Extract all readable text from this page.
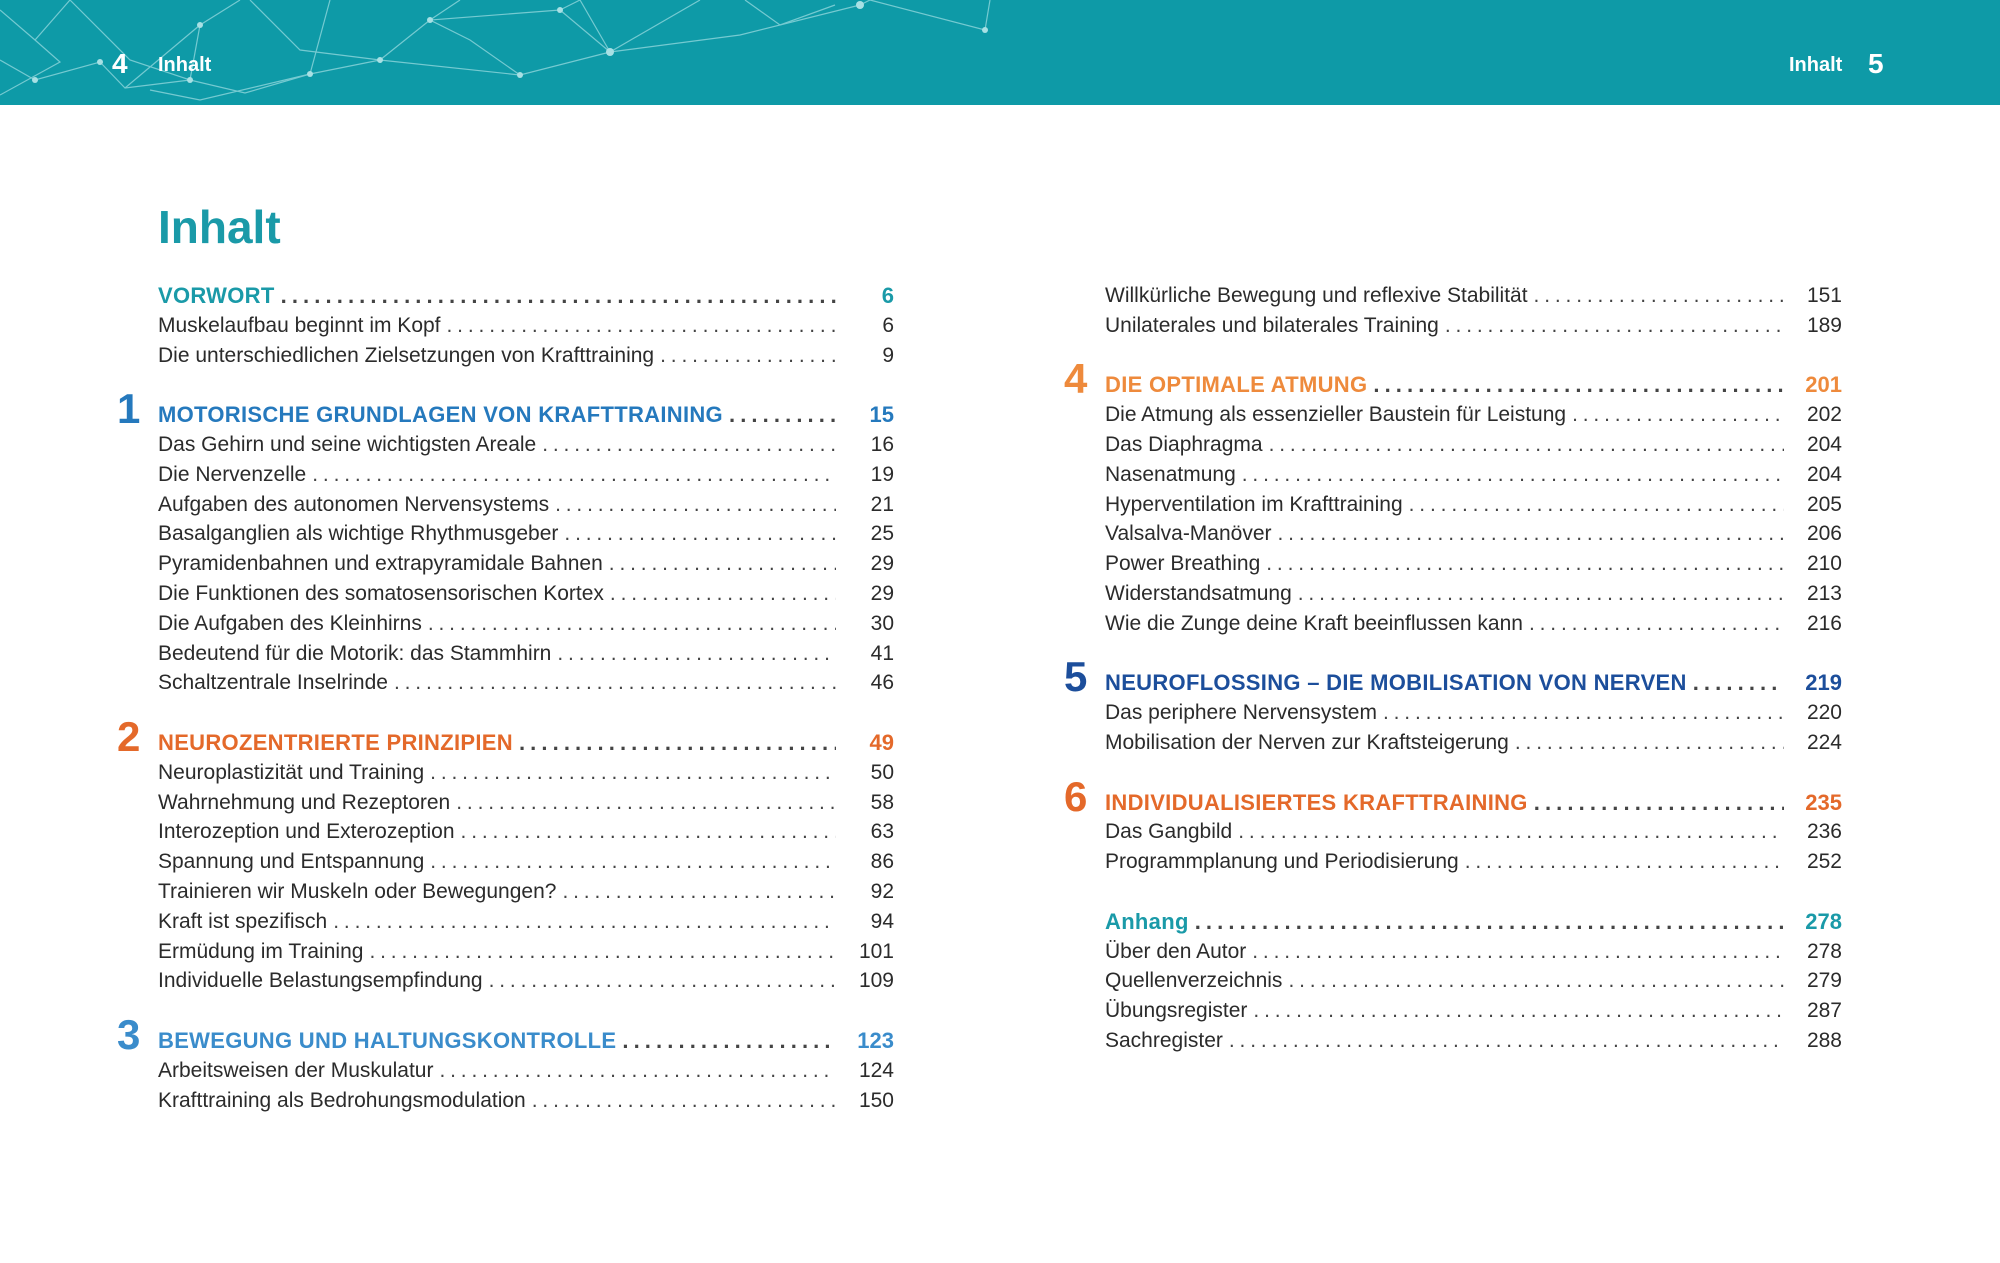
4 Inhalt	Inhalt 5
Inhalt
VORWORT . . .	6
Muskelaufbau beginnt im Kopf . . .	6
Die unterschiedlichen Zielsetzungen von Krafttraining . . .	9
1 MOTORISCHE GRUNDLAGEN VON KRAFTTRAINING . . .	15
Das Gehirn und seine wichtigsten Areale . . .	16
Die Nervenzelle . . .	19
Aufgaben des autonomen Nervensystems . . .	21
Basalganglien als wichtige Rhythmusgeber . . .	25
Pyramidenbahnen und extrapyramidale Bahnen . . .	29
Die Funktionen des somatosensorischen Kortex . . .	29
Die Aufgaben des Kleinhirns . . .	30
Bedeutend für die Motorik: das Stammhirn . . .	41
Schaltzentrale Inselrinde . . .	46
2 NEUROZENTRIERTE PRINZIPIEN . . .	49
Neuroplastizität und Training . . .	50
Wahrnehmung und Rezeptoren . . .	58
Interozeption und Exterozeption . . .	63
Spannung und Entspannung . . .	86
Trainieren wir Muskeln oder Bewegungen? . . .	92
Kraft ist spezifisch . . .	94
Ermüdung im Training . . .	101
Individuelle Belastungsempfindung . . .	109
3 BEWEGUNG UND HALTUNGSKONTROLLE . . .	123
Arbeitsweisen der Muskulatur . . .	124
Krafttraining als Bedrohungsmodulation . . .	150
Willkürliche Bewegung und reflexive Stabilität . . .	151
Unilaterales und bilaterales Training . . .	189
4 DIE OPTIMALE ATMUNG . . .	201
Die Atmung als essenzieller Baustein für Leistung . . .	202
Das Diaphragma . . .	204
Nasenatmung . . .	204
Hyperventilation im Krafttraining . . .	205
Valsalva-Manöver . . .	206
Power Breathing . . .	210
Widerstandsatmung . . .	213
Wie die Zunge deine Kraft beeinflussen kann . . .	216
5 NEUROFLOSSING – DIE MOBILISATION VON NERVEN . . .	219
Das periphere Nervensystem . . .	220
Mobilisation der Nerven zur Kraftsteigerung . . .	224
6 INDIVIDUALISIERTES KRAFTTRAINING . . .	235
Das Gangbild . . .	236
Programmplanung und Periodisierung . . .	252
Anhang . . .	278
Über den Autor . . .	278
Quellenverzeichnis . . .	279
Übungsregister . . .	287
Sachregister . . .	288
